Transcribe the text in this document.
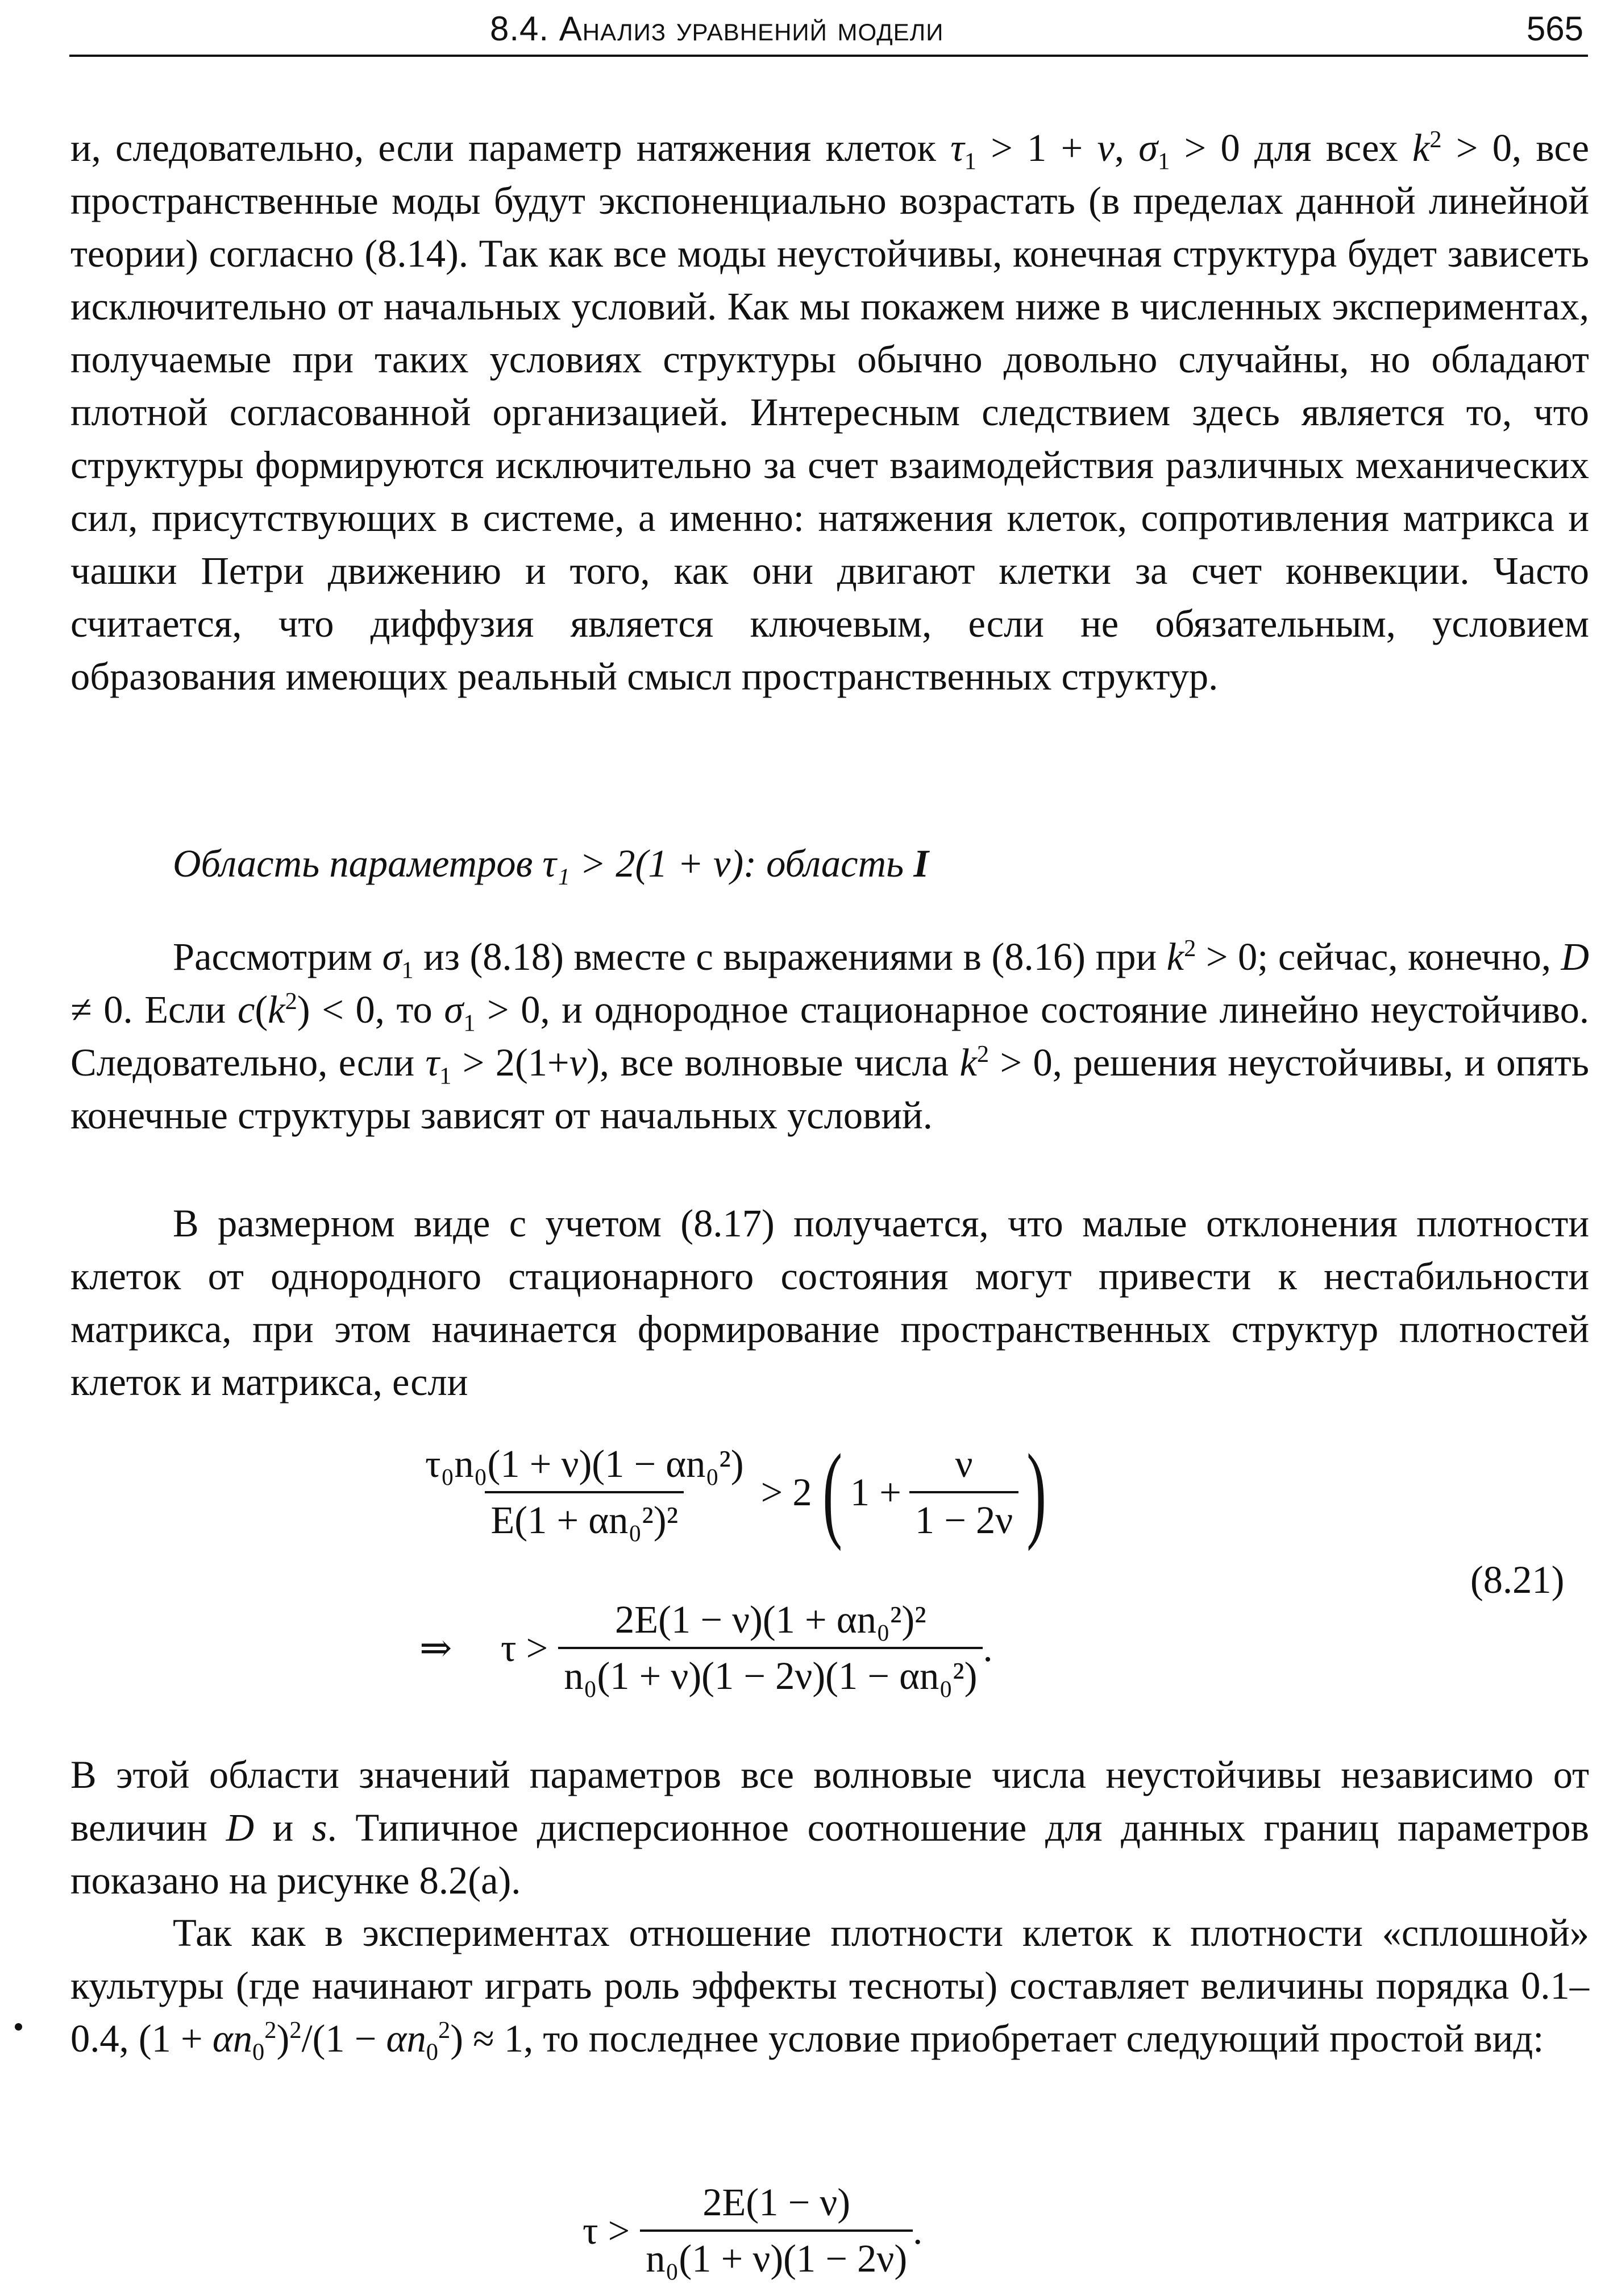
8.4. Анализ уравнений модели	565

и, следовательно, если параметр натяжения клеток $\tau_1 > 1 + \nu$, $\sigma_1 > 0$ для всех $k^2 > 0$, все пространственные моды будут экспоненциально возрастать (в пределах данной линейной теории) согласно (8.14). Так как все моды неустойчивы, конечная структура будет зависеть исключительно от начальных условий. Как мы покажем ниже в численных экспериментах, получаемые при таких условиях структуры обычно довольно случайны, но обладают плотной согласованной организацией. Интересным следствием здесь является то, что структуры формируются исключительно за счет взаимодействия различных механических сил, присутствующих в системе, а именно: натяжения клеток, сопротивления матрикса и чашки Петри движению и того, как они двигают клетки за счет конвекции. Часто считается, что диффузия является ключевым, если не обязательным, условием образования имеющих реальный смысл пространственных структур.

Область параметров τ₁ > 2(1 + ν): область I

Рассмотрим $\sigma_1$ из (8.18) вместе с выражениями в (8.16) при $k^2 > 0$; сейчас, конечно, D ≠ 0. Если $c(k^2) < 0$, то $\sigma_1 > 0$, и однородное стационарное состояние линейно неустойчиво. Следовательно, если $\tau_1 > 2(1+\nu)$, все волновые числа $k^2 > 0$, решения неустойчивы, и опять конечные структуры зависят от начальных условий.

В размерном виде с учетом (8.17) получается, что малые отклонения плотности клеток от однородного стационарного состояния могут привести к нестабильности матрикса, при этом начинается формирование пространственных структур плотностей клеток и матрикса, если

$\frac{\text{τ₀n₀(1 + ν)(1 − αn₀²)}}{\text{E(1 + αn₀²)²}} > 2$ ( $1 + \frac{\nu}{1 - 2\nu}$ )
⇒     $\tau > \frac{\text{2E(1 − ν)(1 + αn₀²)²}}{\text{n₀(1 + ν)(1 − 2ν)(1 − αn₀²)}}$ .
(8.21)

В этой области значений параметров все волновые числа неустойчивы независимо от величин D и s. Типичное дисперсионное соотношение для данных границ параметров показано на рисунке 8.2(a).

Так как в экспериментах отношение плотности клеток к плотности «сплошной» культуры (где начинают играть роль эффекты тесноты) составляет величины порядка 0.1–0.4, $(1 + \alpha n_0^2)^2/(1 - \alpha n_0^2) \approx 1$, то последнее условие приобретает следующий простой вид:

$\tau > \frac{2E(1 - \nu)}{\text{n₀(1 + ν)(1 − 2ν)}}$ .
